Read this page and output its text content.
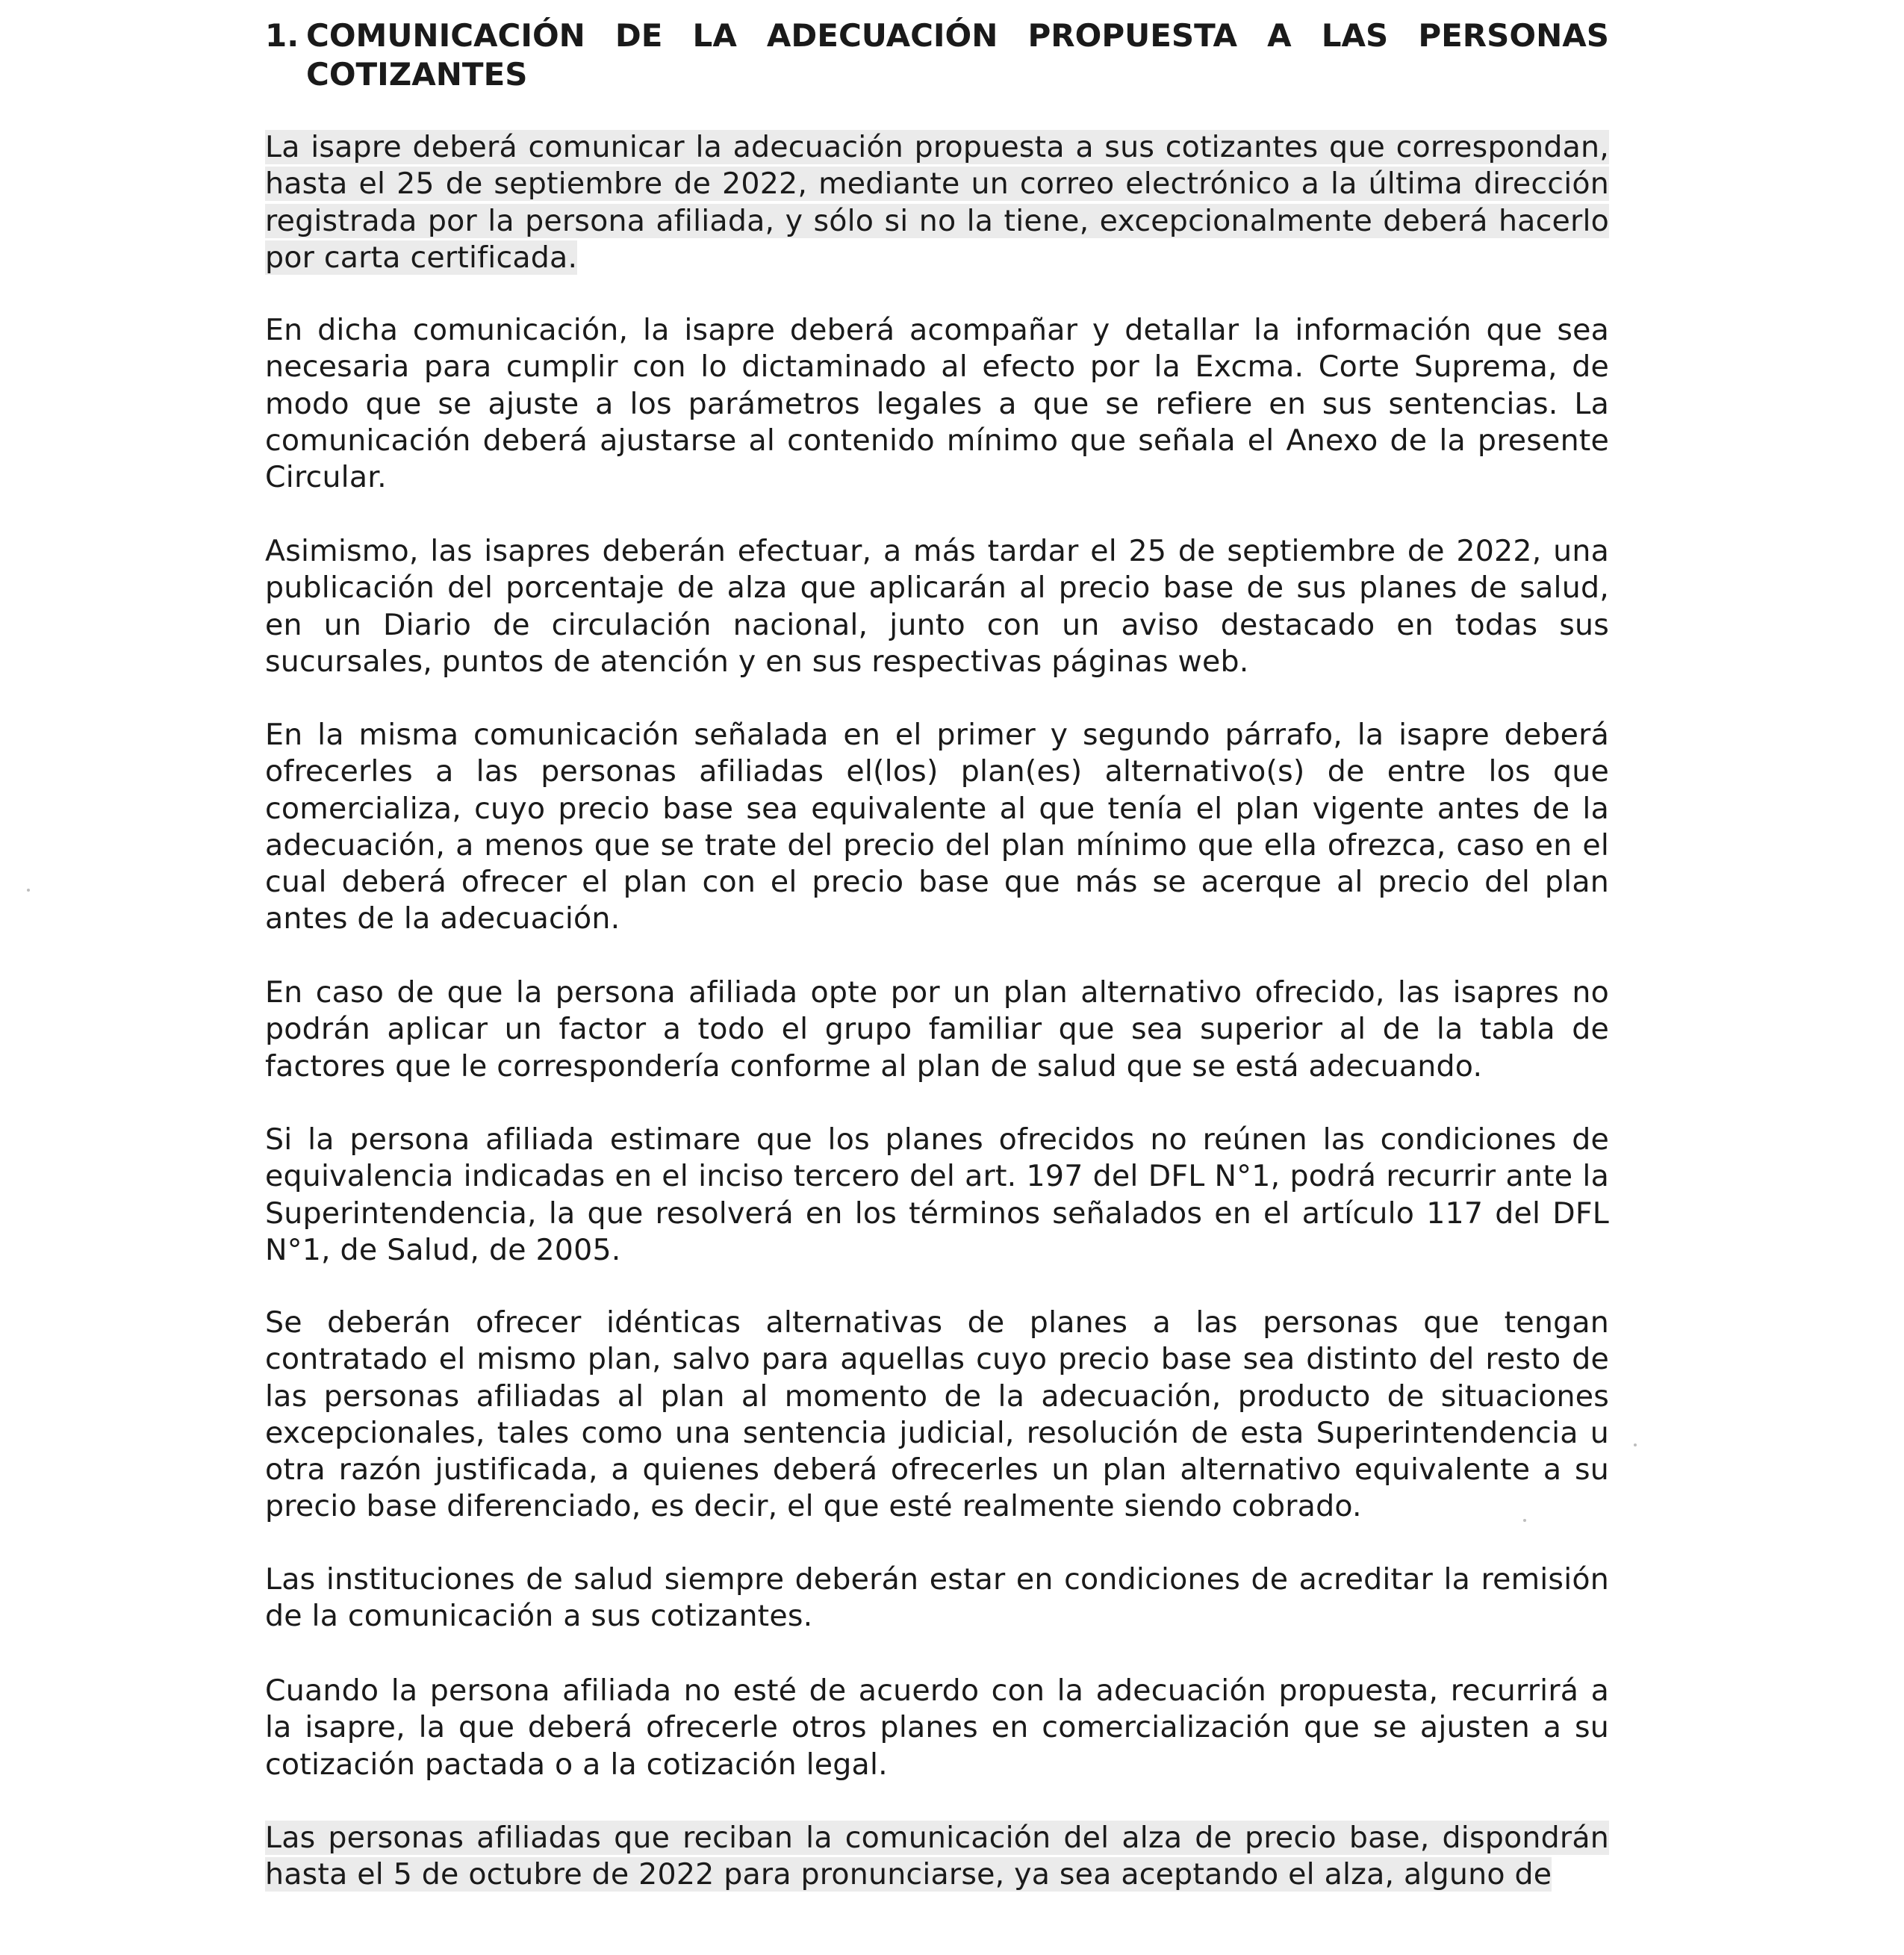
1. COMUNICACIÓN DE LA ADECUACIÓN PROPUESTA A LAS PERSONAS COTIZANTES

La isapre deberá comunicar la adecuación propuesta a sus cotizantes que correspondan, hasta el 25 de septiembre de 2022, mediante un correo electrónico a la última dirección registrada por la persona afiliada, y sólo si no la tiene, excepcionalmente deberá hacerlo por carta certificada.

En dicha comunicación, la isapre deberá acompañar y detallar la información que sea necesaria para cumplir con lo dictaminado al efecto por la Excma. Corte Suprema, de modo que se ajuste a los parámetros legales a que se refiere en sus sentencias. La comunicación deberá ajustarse al contenido mínimo que señala el Anexo de la presente Circular.

Asimismo, las isapres deberán efectuar, a más tardar el 25 de septiembre de 2022, una publicación del porcentaje de alza que aplicarán al precio base de sus planes de salud, en un Diario de circulación nacional, junto con un aviso destacado en todas sus sucursales, puntos de atención y en sus respectivas páginas web.

En la misma comunicación señalada en el primer y segundo párrafo, la isapre deberá ofrecerles a las personas afiliadas el(los) plan(es) alternativo(s) de entre los que comercializa, cuyo precio base sea equivalente al que tenía el plan vigente antes de la adecuación, a menos que se trate del precio del plan mínimo que ella ofrezca, caso en el cual deberá ofrecer el plan con el precio base que más se acerque al precio del plan antes de la adecuación.

En caso de que la persona afiliada opte por un plan alternativo ofrecido, las isapres no podrán aplicar un factor a todo el grupo familiar que sea superior al de la tabla de factores que le correspondería conforme al plan de salud que se está adecuando.

Si la persona afiliada estimare que los planes ofrecidos no reúnen las condiciones de equivalencia indicadas en el inciso tercero del art. 197 del DFL N°1, podrá recurrir ante la Superintendencia, la que resolverá en los términos señalados en el artículo 117 del DFL N°1, de Salud, de 2005.

Se deberán ofrecer idénticas alternativas de planes a las personas que tengan contratado el mismo plan, salvo para aquellas cuyo precio base sea distinto del resto de las personas afiliadas al plan al momento de la adecuación, producto de situaciones excepcionales, tales como una sentencia judicial, resolución de esta Superintendencia u otra razón justificada, a quienes deberá ofrecerles un plan alternativo equivalente a su precio base diferenciado, es decir, el que esté realmente siendo cobrado.

Las instituciones de salud siempre deberán estar en condiciones de acreditar la remisión de la comunicación a sus cotizantes.

Cuando la persona afiliada no esté de acuerdo con la adecuación propuesta, recurrirá a la isapre, la que deberá ofrecerle otros planes en comercialización que se ajusten a su cotización pactada o a la cotización legal.

Las personas afiliadas que reciban la comunicación del alza de precio base, dispondrán hasta el 5 de octubre de 2022 para pronunciarse, ya sea aceptando el alza, alguno de
